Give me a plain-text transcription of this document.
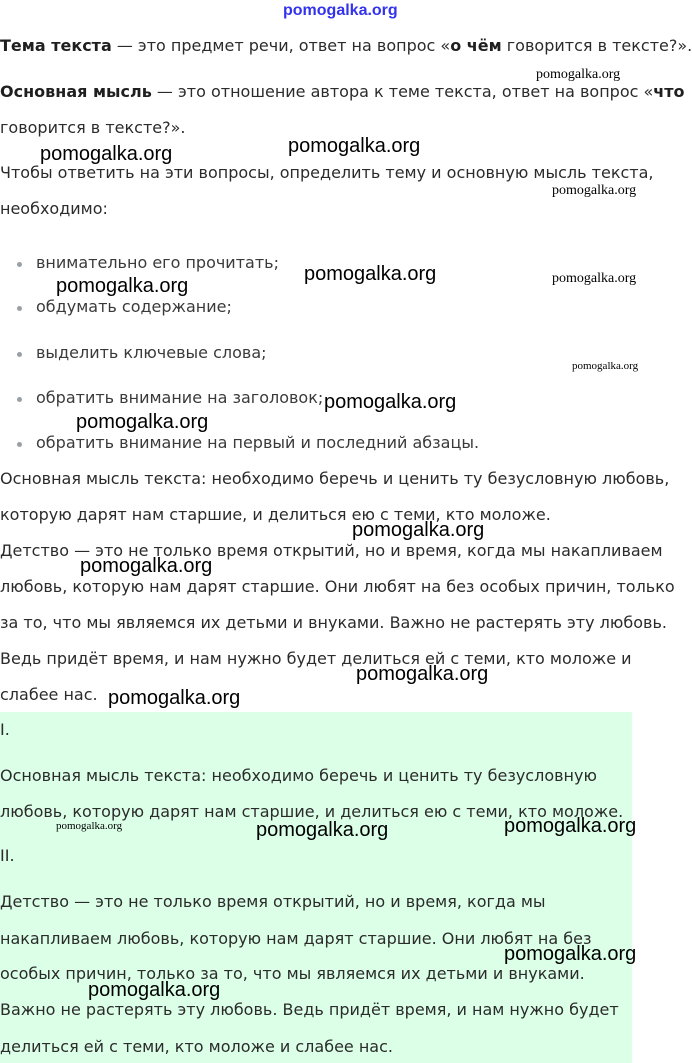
Тема текста — это предмет речи, ответ на вопрос «о чём говорится в тексте?».

Основная мысль — это отношение автора к теме текста, ответ на вопрос «что

говорится в тексте?».

Чтобы ответить на эти вопросы, определить тему и основную мысль текста,

необходимо:

внимательно его прочитать;
обдумать содержание;
выделить ключевые слова;
обратить внимание на заголовок;
обратить внимание на первый и последний абзацы.

Основная мысль текста: необходимо беречь и ценить ту безусловную любовь,

которую дарят нам старшие, и делиться ею с теми, кто моложе.

Детство — это не только время открытий, но и время, когда мы накапливаем

любовь, которую нам дарят старшие. Они любят на без особых причин, только

за то, что мы являемся их детьми и внуками. Важно не растерять эту любовь.

Ведь придёт время, и нам нужно будет делиться ей с теми, кто моложе и

слабее нас.

I.

Основная мысль текста: необходимо беречь и ценить ту безусловную

любовь, которую дарят нам старшие, и делиться ею с теми, кто моложе.

II.

Детство — это не только время открытий, но и время, когда мы

накапливаем любовь, которую нам дарят старшие. Они любят на без

особых причин, только за то, что мы являемся их детьми и внуками.

Важно не растерять эту любовь. Ведь придёт время, и нам нужно будет

делиться ей с теми, кто моложе и слабее нас.

pomogalka.org
pomogalka.org
pomogalka.org	pomogalka.org
pomogalka.org
pomogalka.org	pomogalka.org
pomogalka.org
pomogalka.org
pomogalka.org
pomogalka.org
pomogalka.org
pomogalka.org
pomogalka.org
pomogalka.org
pomogalka.org	pomogalka.org	pomogalka.org
pomogalka.org
pomogalka.org
